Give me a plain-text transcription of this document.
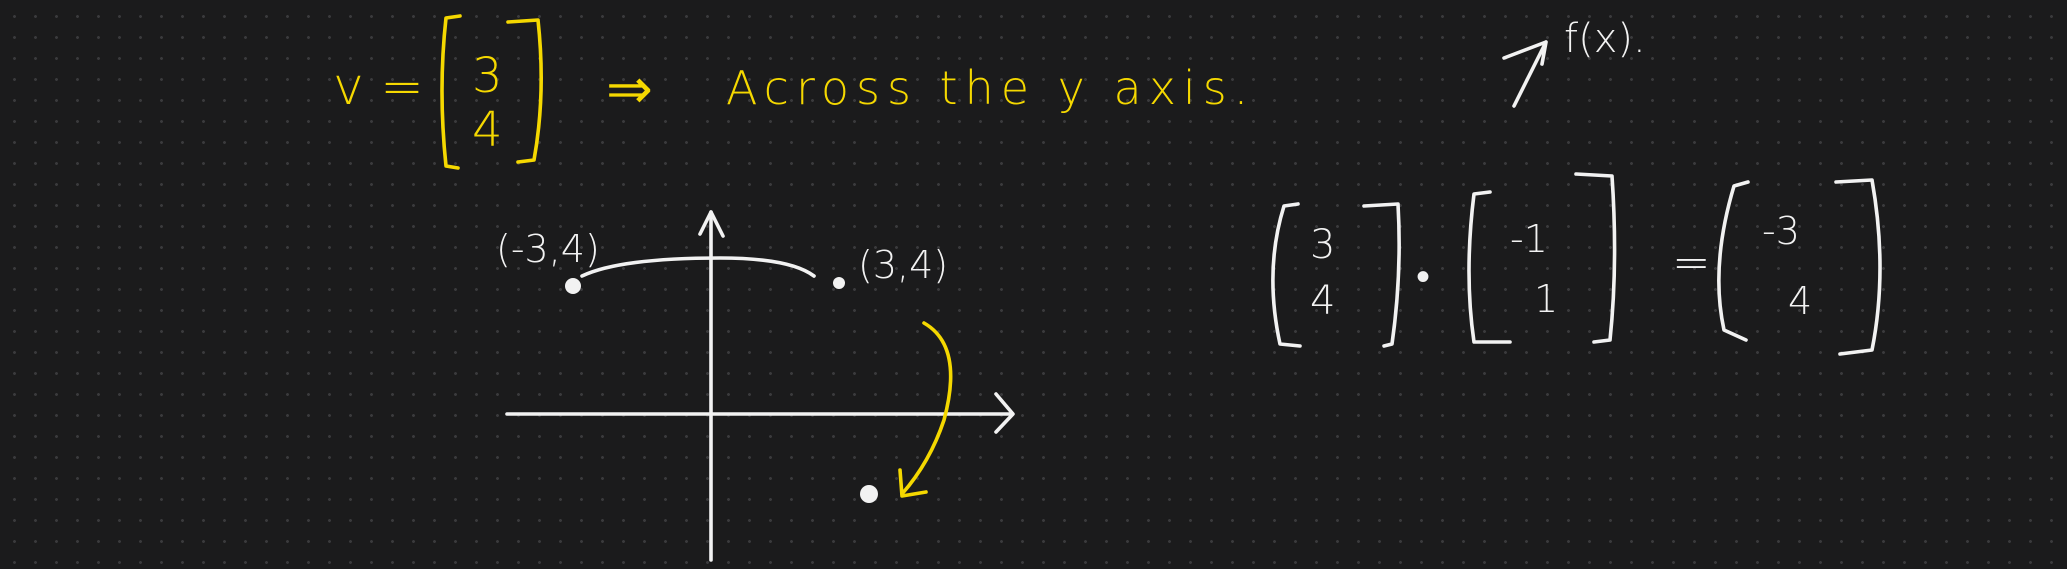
v = 3
4
⇒ Across the y axis.
f(x).
(-3,4)	(3,4)	3
4
•
-1
1
=
-3
4
